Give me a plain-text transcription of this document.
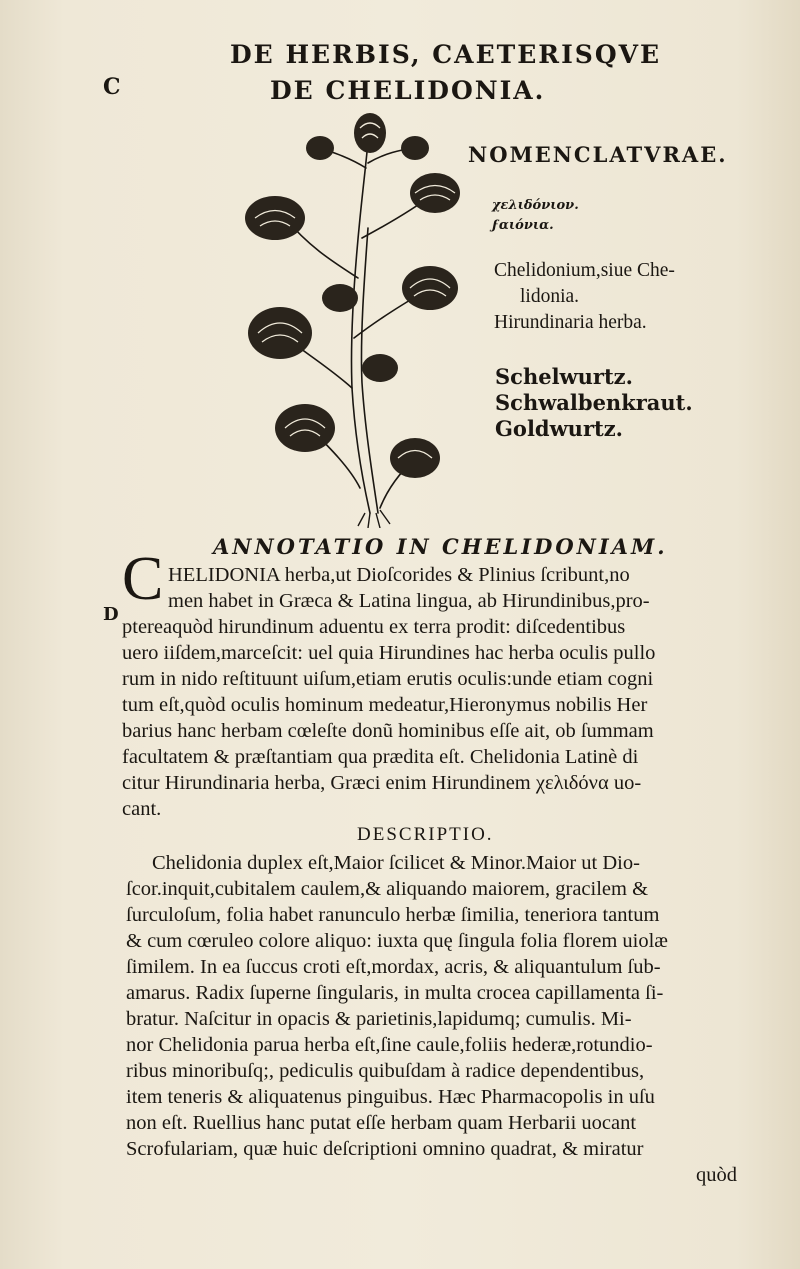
DE HERBIS, CAETERISQVE
DE CHELIDONIA.
C
D
NOMENCLATVRAE.
χελιδόνιον.
ϝαιόνια.
Chelidonium,siue Che-
lidonia.
Hirundinaria herba.
Schelwurtz.
Schwalbenkraut.
Goldwurtz.
ANNOTATIO IN CHELIDONIAM.
C HELIDONIA herba,ut Dioſcorides & Plinius ſcribunt,no
men habet in Græca & Latina lingua, ab Hirundinibus,pro-
ptereaquòd hirundinum aduentu ex terra prodit: diſcedentibus
uero iiſdem,marceſcit: uel quia Hirundines hac herba oculis pullo
rum in nido reſtituunt uiſum,etiam erutis oculis:unde etiam cogni
tum eſt,quòd oculis hominum medeatur,Hieronymus nobilis Her
barius hanc herbam cœleſte donũ hominibus eſſe ait, ob ſummam
facultatem & præſtantiam qua prædita eſt. Chelidonia Latinè di
citur Hirundinaria herba, Græci enim Hirundinem χελιδόνα uo-
cant.
DESCRIPTIO.
Chelidonia duplex eſt,Maior ſcilicet & Minor.Maior ut Dio-
ſcor.inquit,cubitalem caulem,& aliquando maiorem, gracilem &
ſurculoſum, folia habet ranunculo herbæ ſimilia, teneriora tantum
& cum cœruleo colore aliquo: iuxta quę ſingula folia florem uiolæ
ſimilem. In ea ſuccus croti eſt,mordax, acris, & aliquantulum ſub-
amarus. Radix ſuperne ſingularis, in multa crocea capillamenta ſi-
bratur. Naſcitur in opacis & parietinis,lapidumq; cumulis. Mi-
nor Chelidonia parua herba eſt,ſine caule,foliis hederæ,rotundio-
ribus minoribuſq;, pediculis quibuſdam à radice dependentibus,
item teneris & aliquatenus pinguibus. Hæc Pharmacopolis in uſu
non eſt. Ruellius hanc putat eſſe herbam quam Herbarii uocant
Scrofulariam, quæ huic deſcriptioni omnino quadrat, & miratur
quòd
